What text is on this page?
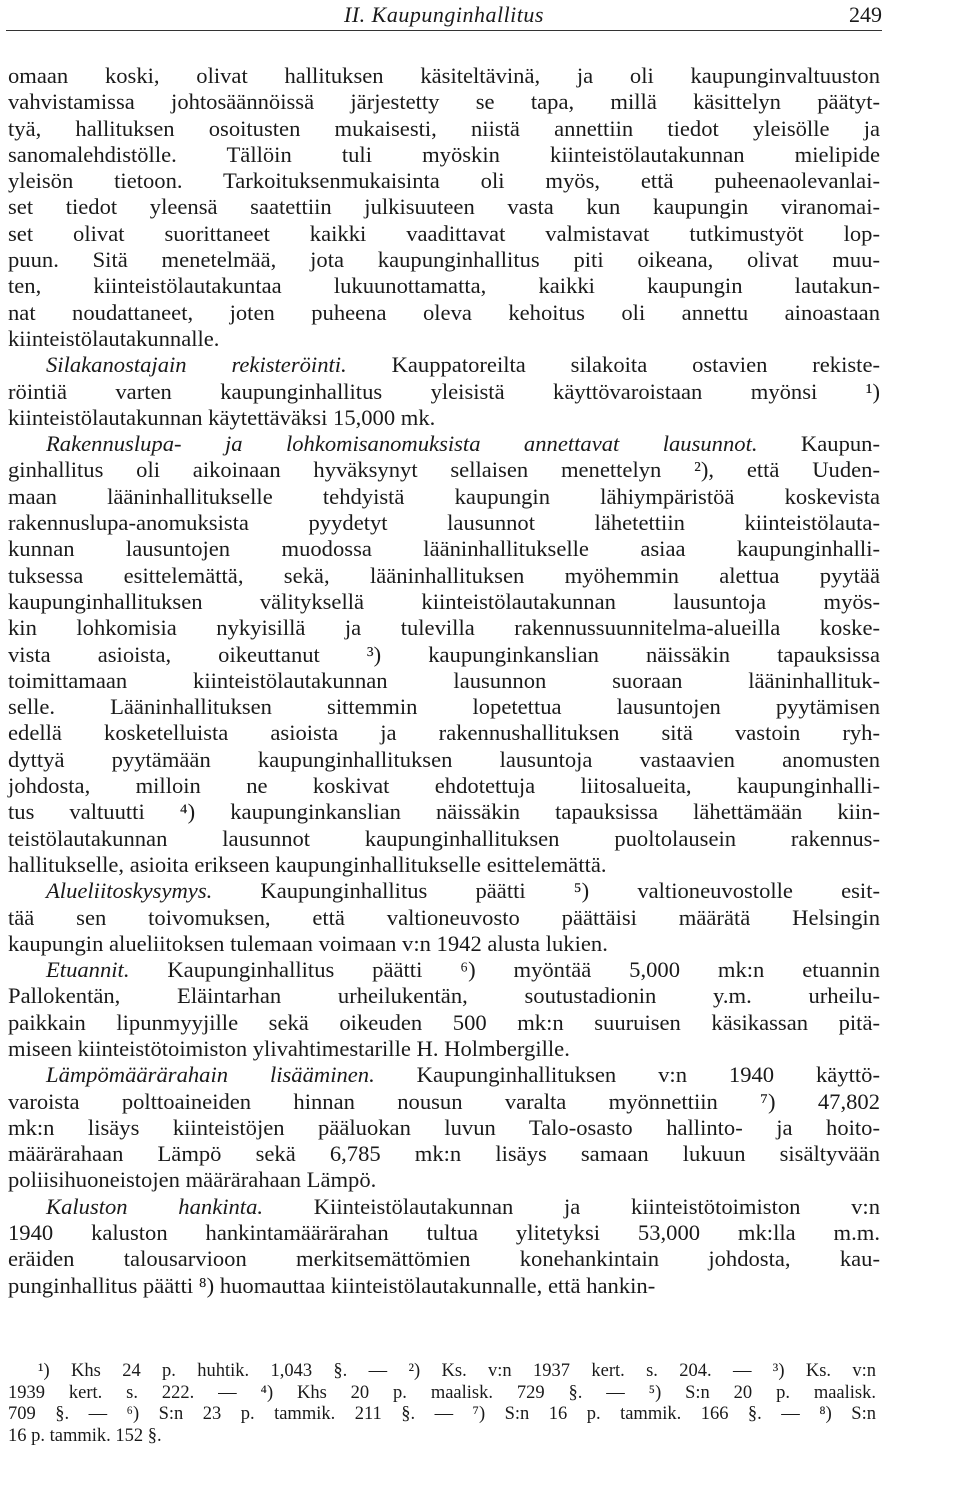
II. Kaupunginhallitus	249
omaan koski, olivat hallituksen käsiteltävinä, ja oli kaupunginvaltuuston
vahvistamissa johtosäännöissä järjestetty se tapa, millä käsittelyn päätyt-
tyä, hallituksen osoitusten mukaisesti, niistä annettiin tiedot yleisölle ja
sanomalehdistölle. Tällöin tuli myöskin kiinteistölautakunnan mielipide
yleisön tietoon. Tarkoituksenmukaisinta oli myös, että puheenaolevanlai-
set tiedot yleensä saatettiin julkisuuteen vasta kun kaupungin viranomai-
set olivat suorittaneet kaikki vaadittavat valmistavat tutkimustyöt lop-
puun. Sitä menetelmää, jota kaupunginhallitus piti oikeana, olivat muu-
ten, kiinteistölautakuntaa lukuunottamatta, kaikki kaupungin lautakun-
nat noudattaneet, joten puheena oleva kehoitus oli annettu ainoastaan
kiinteistölautakunnalle.
Silakanostajain rekisteröinti. Kauppatoreilta silakoita ostavien rekiste-
röintiä varten kaupunginhallitus yleisistä käyttövaroistaan myönsi ¹)
kiinteistölautakunnan käytettäväksi 15,000 mk.
Rakennuslupa- ja lohkomisanomuksista annettavat lausunnot. Kaupun-
ginhallitus oli aikoinaan hyväksynyt sellaisen menettelyn ²), että Uuden-
maan lääninhallitukselle tehdyistä kaupungin lähiympäristöä koskevista
rakennuslupa-anomuksista pyydetyt lausunnot lähetettiin kiinteistölauta-
kunnan lausuntojen muodossa lääninhallitukselle asiaa kaupunginhalli-
tuksessa esittelemättä, sekä, lääninhallituksen myöhemmin alettua pyytää
kaupunginhallituksen välityksellä kiinteistölautakunnan lausuntoja myös-
kin lohkomisia nykyisillä ja tulevilla rakennussuunnitelma-alueilla koske-
vista asioista, oikeuttanut ³) kaupunginkanslian näissäkin tapauksissa
toimittamaan kiinteistölautakunnan lausunnon suoraan lääninhallituk-
selle. Lääninhallituksen sittemmin lopetettua lausuntojen pyytämisen
edellä kosketelluista asioista ja rakennushallituksen sitä vastoin ryh-
dyttyä pyytämään kaupunginhallituksen lausuntoja vastaavien anomusten
johdosta, milloin ne koskivat ehdotettuja liitosalueita, kaupunginhalli-
tus valtuutti ⁴) kaupunginkanslian näissäkin tapauksissa lähettämään kiin-
teistölautakunnan lausunnot kaupunginhallituksen puoltolausein rakennus-
hallitukselle, asioita erikseen kaupunginhallitukselle esittelemättä.
Alueliitoskysymys. Kaupunginhallitus päätti ⁵) valtioneuvostolle esit-
tää sen toivomuksen, että valtioneuvosto päättäisi määrätä Helsingin
kaupungin alueliitoksen tulemaan voimaan v:n 1942 alusta lukien.
Etuannit. Kaupunginhallitus päätti ⁶) myöntää 5,000 mk:n etuannin
Pallokentän, Eläintarhan urheilukentän, soutustadionin y.m. urheilu-
paikkain lipunmyyjille sekä oikeuden 500 mk:n suuruisen käsikassan pitä-
miseen kiinteistötoimiston ylivahtimestarille H. Holmbergille.
Lämpömäärärahain lisääminen. Kaupunginhallituksen v:n 1940 käyttö-
varoista polttoaineiden hinnan nousun varalta myönnettiin ⁷) 47,802
mk:n lisäys kiinteistöjen pääluokan luvun Talo-osasto hallinto- ja hoito-
määrärahaan Lämpö sekä 6,785 mk:n lisäys samaan lukuun sisältyvään
poliisihuoneistojen määrärahaan Lämpö.
Kaluston hankinta. Kiinteistölautakunnan ja kiinteistötoimiston v:n
1940 kaluston hankintamäärärahan tultua ylitetyksi 53,000 mk:lla m.m.
eräiden talousarvioon merkitsemättömien konehankintain johdosta, kau-
punginhallitus päätti ⁸) huomauttaa kiinteistölautakunnalle, että hankin-
¹) Khs 24 p. huhtik. 1,043 §. — ²) Ks. v:n 1937 kert. s. 204. — ³) Ks. v:n
1939 kert. s. 222. — ⁴) Khs 20 p. maalisk. 729 §. — ⁵) S:n 20 p. maalisk.
709 §. — ⁶) S:n 23 p. tammik. 211 §. — ⁷) S:n 16 p. tammik. 166 §. — ⁸) S:n
16 p. tammik. 152 §.
